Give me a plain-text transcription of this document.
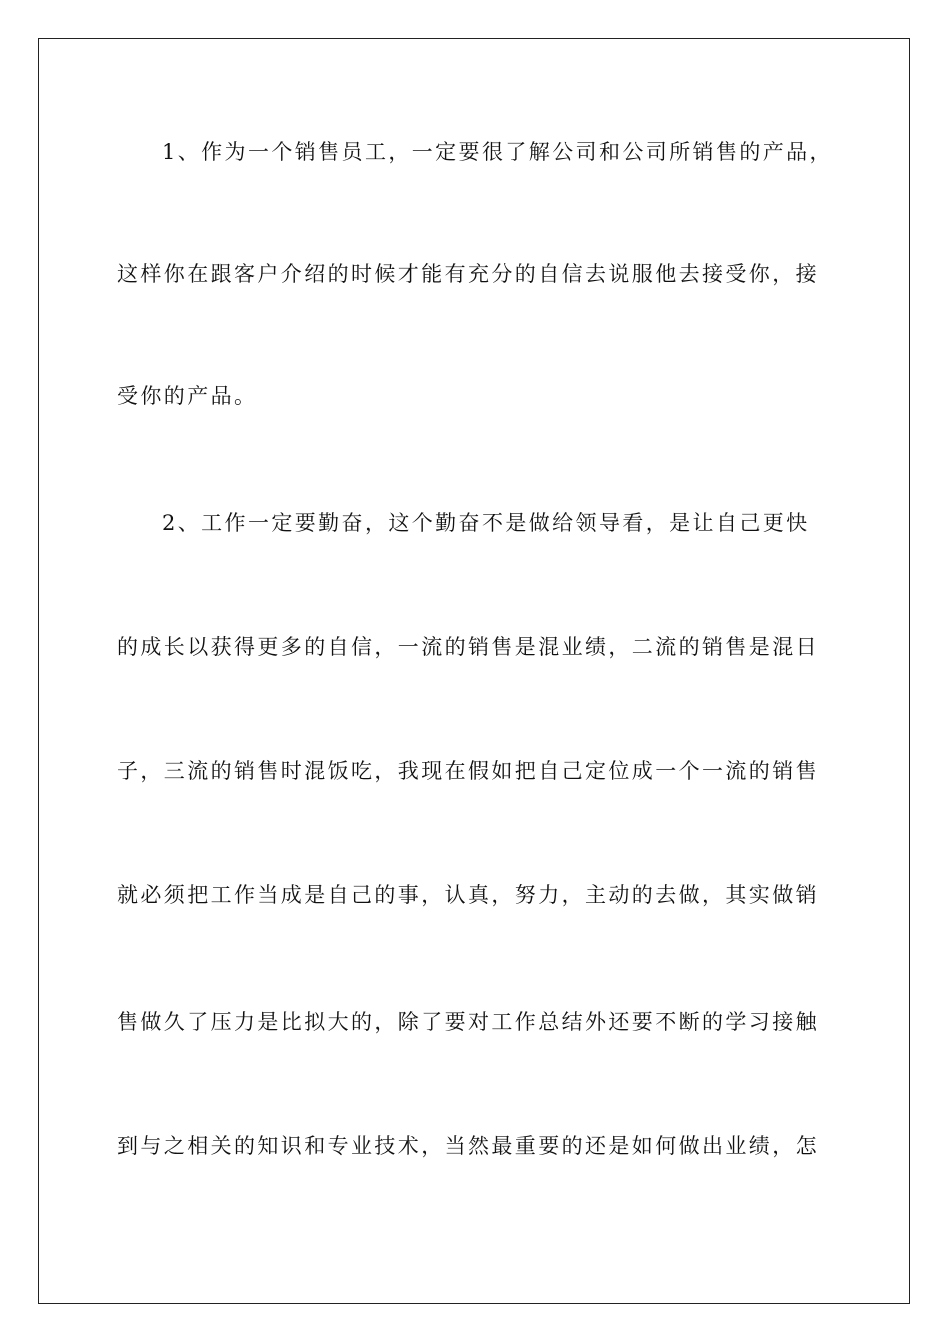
1、作为一个销售员工，一定要很了解公司和公司所销售的产品，
这样你在跟客户介绍的时候才能有充分的自信去说服他去接受你，接
受你的产品。
2、工作一定要勤奋，这个勤奋不是做给领导看，是让自己更快
的成长以获得更多的自信，一流的销售是混业绩，二流的销售是混日
子，三流的销售时混饭吃，我现在假如把自己定位成一个一流的销售
就必须把工作当成是自己的事，认真，努力，主动的去做，其实做销
售做久了压力是比拟大的，除了要对工作总结外还要不断的学习接触
到与之相关的知识和专业技术，当然最重要的还是如何做出业绩，怎
